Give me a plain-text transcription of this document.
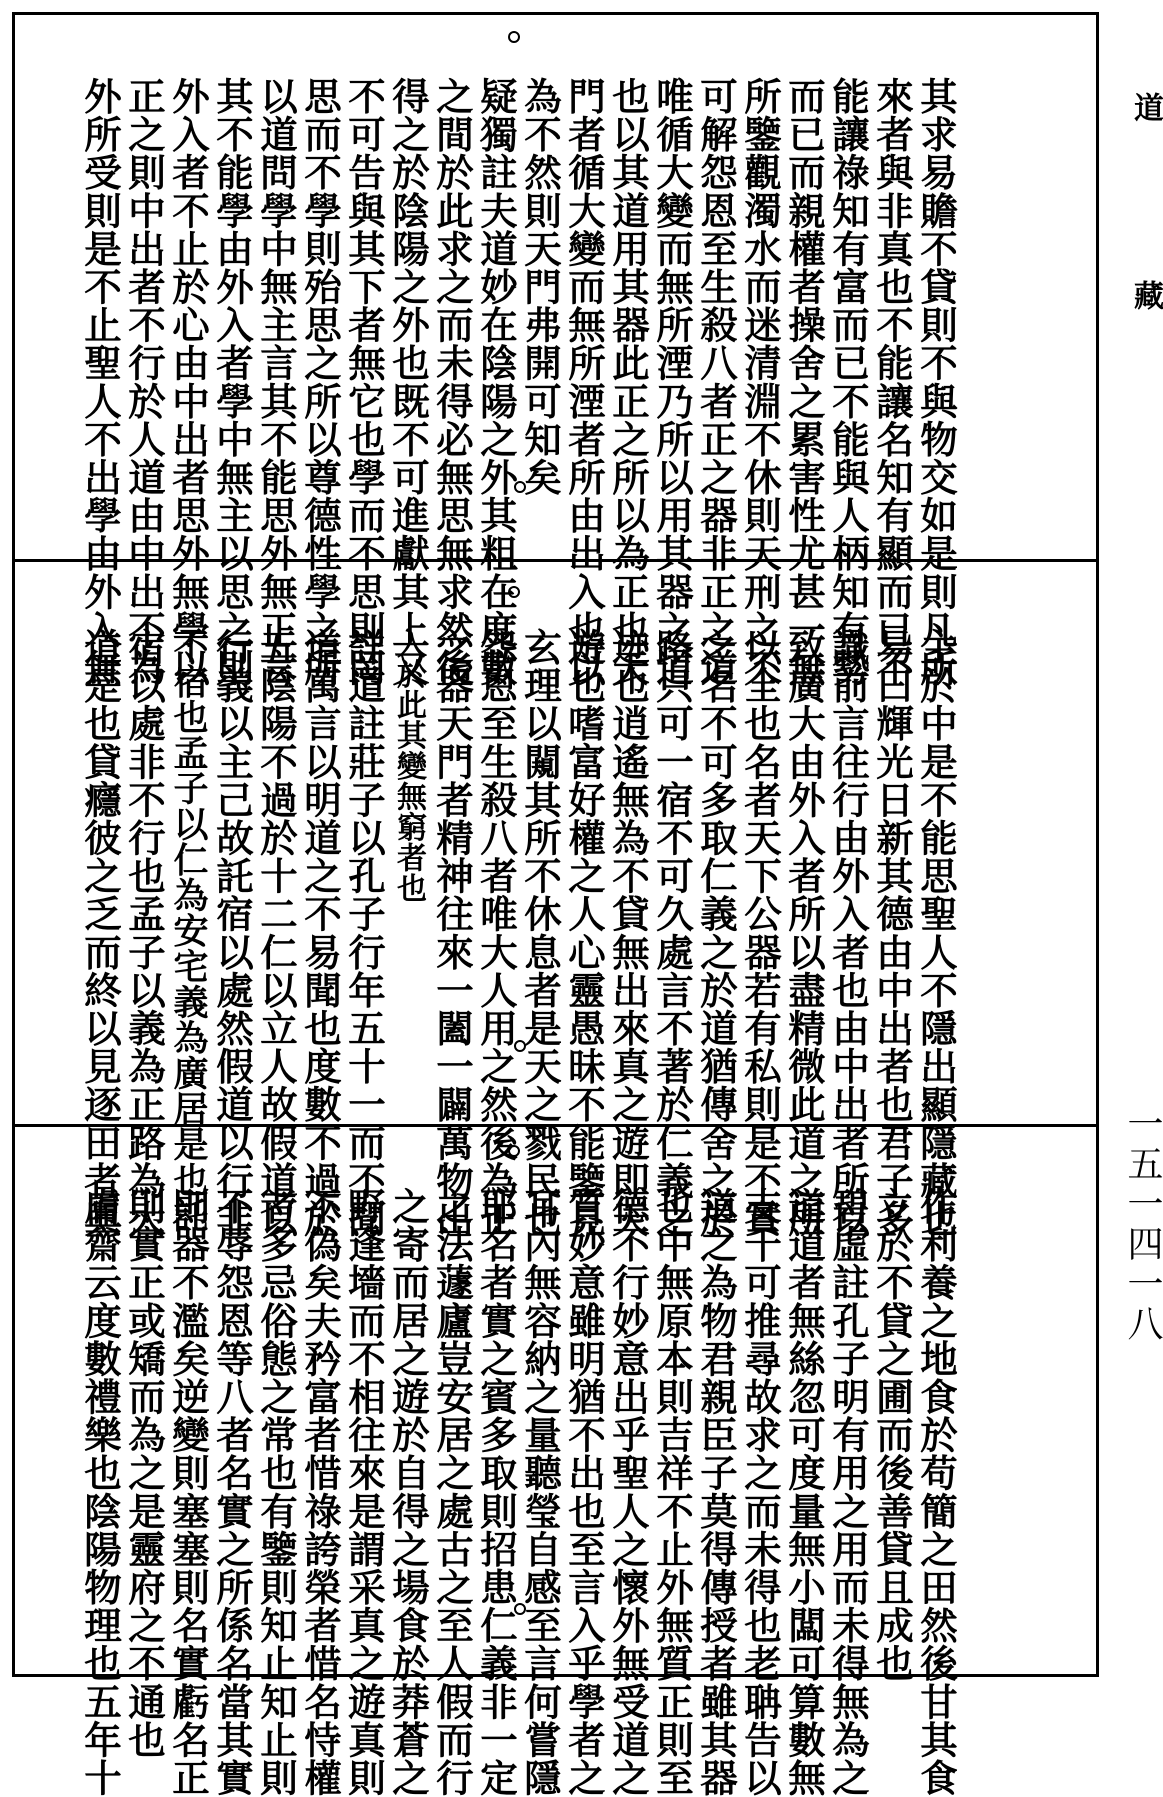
其求易贍不貸則不與物交如是則凡所
來者與非真也不能讓名知有顯而已不
能讓祿知有富而已不能與人柄知有勢
而已而親權者操舍之累害性尤甚一無
所鑒觀濁水而迷清淵不休則天刑之不
可解怨恩至生殺八者正之器非正之道
唯循大變而無所湮乃所以用其器之道
也以其道用其器此正之所以為正也天
門者循大變而無所湮者所由出入也以
為不然則天門弗開可知矣
疑獨註夫道妙在陰陽之外其粗在度數
之間於此求之而未得必無思無求然後
得之於陰陽之外也既不可進獻其上又
不可告與其下者無它也學而不思則罔
思而不學則殆思之所以尊德性學之所
以道問學中無主言其不能思外無正言
其不能學由外入者學中無主以思之則
外入者不止於心由中出者思外無學以
正之則中出者不行於人道由中出不為
外所受則是不止聖人不出學由外入無
主於中是不能思聖人不隱出顯隱藏也
易曰輝光日新其德由中出者也君子多
識前言往行由外入者也由中出者所以
致廣大由外入者所以盡精微此道之所
以全也名者天下公器若有私則是不實
之名不可多取仁義之於道猶傳舍之於
路只可一宿不可久處言不著於仁義之
迹也逍遙無為不貸無出來真之遊即天
遊也嗜富好權之人心靈愚昧不能鑒見
玄理以闚其所不休息者是天之戮民也
怨恩至生殺八者唯大人用之然後為正
之器天門者精神往來一闔一闢萬物出
入於此其變無窮者也
詳道註莊子以孔子行年五十一而不聞
道萬言以明道之不易聞也度數不過於
五陰陽不過於十二仁以立人故假道以
行義以主己故託宿以處然假道以行非
不宿也孟子以仁為安宅義為廣居是也託
宿以處非不行也孟子以義為正路為大
道是也貸癮彼之乏而終以見逐田者與
作利養之地食於苟簡之田然後甘其食
立於不貸之圃而後善貸且成也
碧虛註孔子明有用之用而未得無為之
道道者無絲忽可度量無小闆可算數無
支干可推尋故求之而未得也老聃告以
道之為物君親臣子莫得傳授者雖其器
也中無原本則吉祥不止外無質正則至
德不行妙意出乎聖人之懷外無受道之
質妙意雖明猶不出也至言入乎學者之
耳內無容納之量聽瑩自感至言何嘗隱
耶名者實之賓多取則招患仁義非一定
之法蘧廬豈安居之處古之至人假而行
之寄而居之遊於自得之場食於莽蒼之
野逢墻而不相往來是謂采真之遊真則
不偽矣夫矜富者惜祿誇榮者惜名恃權
者多忌俗態之常也有鑒則知止知止則
不辱怨恩等八者名實之所係名當其實
則器不濫矣逆變則塞塞則名實虧名正
則實正或矯而為之是靈府之不通也
膚齋云度數禮樂也陰陽物理也五年十
道
藏
一五一四一八
